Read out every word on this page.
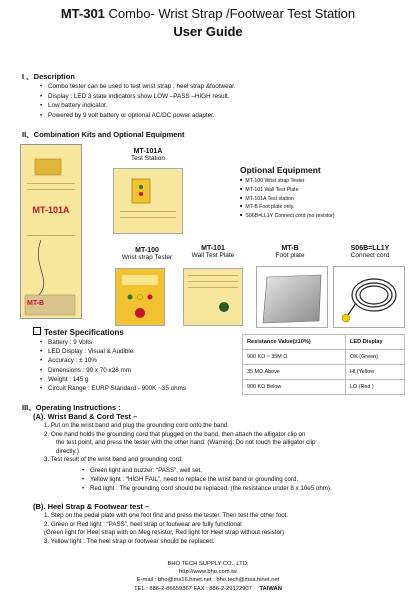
MT-301 Combo- Wrist Strap /Footwear Test Station
User Guide
I 、Description
• Combo tester can be used to test wrist strap , heel strap &footwear.
• Display : LED 3 state indicators show LOW –PASS –HIGH result.
• Low battery indicator.
• Powered by 9 volt battery or optional AC/DC power adapter.
II、Combination Kits and Optional Equipment
MT-101A
MT-B
MT-101A
Test Station
Optional Equipment
■ MT-100 Wrist strap Tester
■ MT-101 Wall Test Plate
■ MT-101A Test station
■ MT-B Foot plate only.
■ S06B=LL1Y Connect cord (no resistor)
MT-100
Wrist strap Tester
MT-101
Wall Test Plate
MT-B
Foot plate
S06B=LL1Y
Connect cord
Tester Specifications
• Battery : 9 Volts
• LED Display : Visual & Audible.
• Accuracy : ± 10%
• Dimensions : 90 x 70 x28 mm
• Weight : 145 g
• Circuit Range : EURP Standard - 900K ~35 ohms
Resistance Value(±10%)	LED Display
900 KΩ ~ 35M Ω	OK (Green)
35 MΩ Above	HI (Yellow
900 KΩ Below	LO (Red )
III、Operating Instructions :
(A). Wrist Band & Cord Test –
1. Put on the wrist band and plug the grounding cord onto the band.
2. One hand holds the grounding cord that plugged on the band, then attach the alligator clip on
the test point, and press the tester with the other hand. (Warning: Do not touch the alligator clip
directly.)
3. Test result of the wrist band and grounding cord:
• Green light and buzzer: “PASS”, well set.
• Yellow light : “HIGH FAIL”, need to replace the wrist band or grounding cord.
• Red light : The grounding cord should be replaced. (the resistance under 8 x 10e5 ohm).
(B). Heel Strap & Footwear test –
1. Step on the pedal plate with one foot first and press the tester. Then test the other foot.
2. Green or Red light : “PASS”, heel strap or footwear are fully functional
(Green light for Heel strap with on Meg resistor, Red light for Heel strap without resistor)
3. Yellow light : The heel strap or footwear should be replaced.
BHO TECH SUPPLY CO., LTD.
http://www.bho.com.tw
E-mail : bho@ms16.hinet.net ; bho.tech@msa.hinet.net
TEL : 886-2-86659367 FAX : 886-2-29122907 TAIWAN
